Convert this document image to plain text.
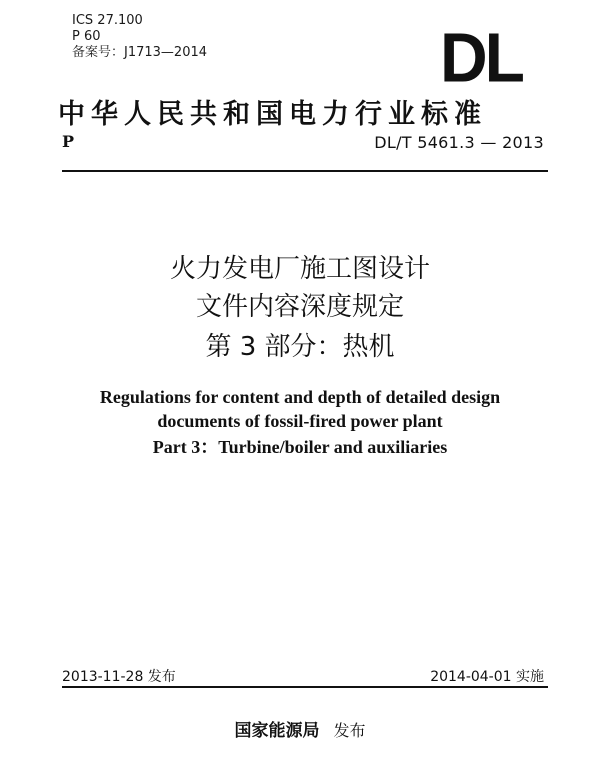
ICS 27.100
P 60
备案号：J1713—2014	DL
中华人民共和国电力行业标准
P	DL/T 5461.3 — 2013
火力发电厂施工图设计
文件内容深度规定
第 3 部分：热机
Regulations for content and depth of detailed design
documents of fossil-fired power plant
Part 3：Turbine/boiler and auxiliaries
2013-11-28 发布	2014-04-01 实施
国家能源局 发布
